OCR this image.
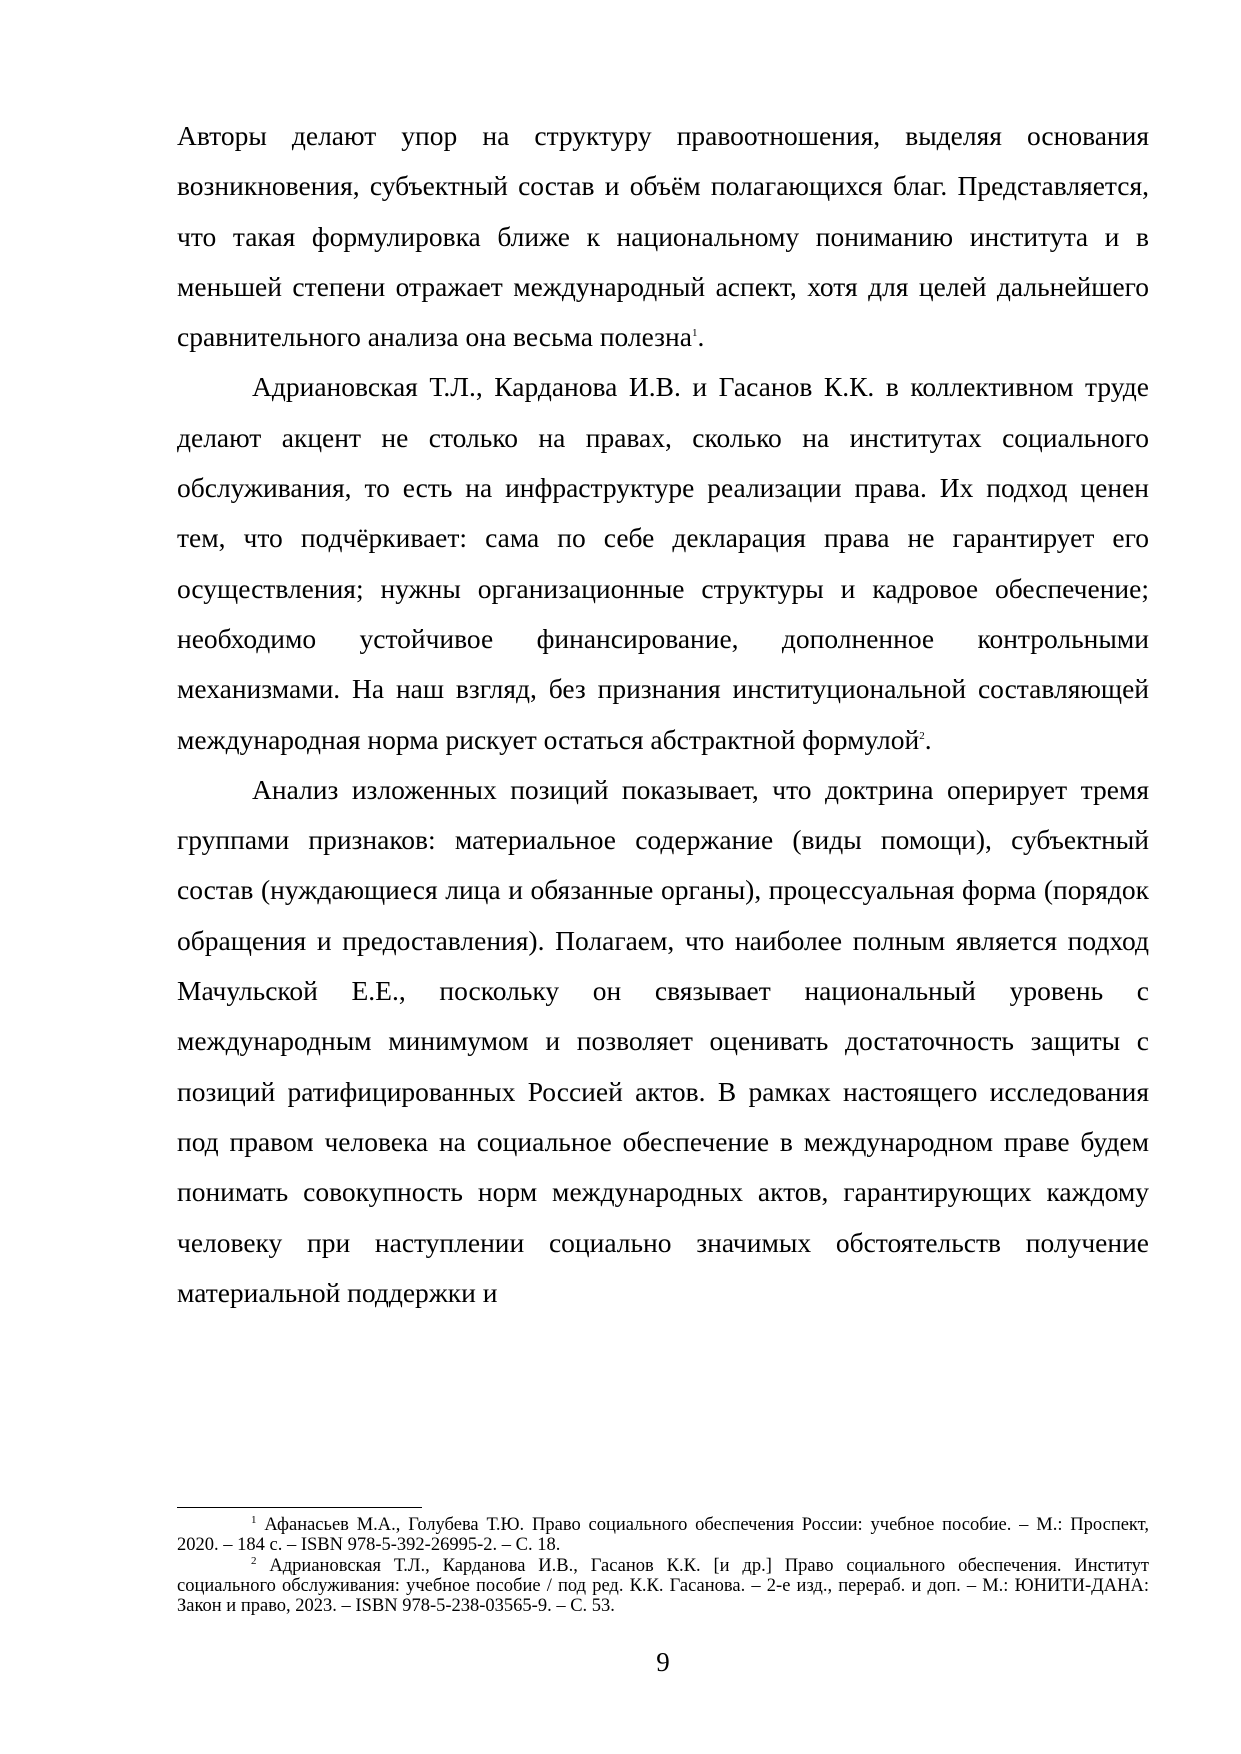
Авторы делают упор на структуру правоотношения, выделяя основания возникновения, субъектный состав и объём полагающихся благ. Представляется, что такая формулировка ближе к национальному пониманию института и в меньшей степени отражает международный аспект, хотя для целей дальнейшего сравнительного анализа она весьма полезна$^1$.

Адриановская Т.Л., Карданова И.В. и Гасанов К.К. в коллективном труде делают акцент не столько на правах, сколько на институтах социального обслуживания, то есть на инфраструктуре реализации права. Их подход ценен тем, что подчёркивает: сама по себе декларация права не гарантирует его осуществления; нужны организационные структуры и кадровое обеспечение; необходимо устойчивое финансирование, дополненное контрольными механизмами. На наш взгляд, без признания институциональной составляющей международная норма рискует остаться абстрактной формулой$^2$.

Анализ изложенных позиций показывает, что доктрина оперирует тремя группами признаков: материальное содержание (виды помощи), субъектный состав (нуждающиеся лица и обязанные органы), процессуальная форма (порядок обращения и предоставления). Полагаем, что наиболее полным является подход Мачульской Е.Е., поскольку он связывает национальный уровень с международным минимумом и позволяет оценивать достаточность защиты с позиций ратифицированных Россией актов. В рамках настоящего исследования под правом человека на социальное обеспечение в международном праве будем понимать совокупность норм международных актов, гарантирующих каждому человеку при наступлении социально значимых обстоятельств получение материальной поддержки и

$^1$ Афанасьев М.А., Голубева Т.Ю. Право социального обеспечения России: учебное пособие. – М.: Проспект, 2020. – 184 с. – ISBN 978-5-392-26995-2. – С. 18.

$^2$ Адриановская Т.Л., Карданова И.В., Гасанов К.К. [и др.] Право социального обеспечения. Институт социального обслуживания: учебное пособие / под ред. К.К. Гасанова. – 2-е изд., перераб. и доп. – М.: ЮНИТИ-ДАНА: Закон и право, 2023. – ISBN 978-5-238-03565-9. – С. 53.

9
